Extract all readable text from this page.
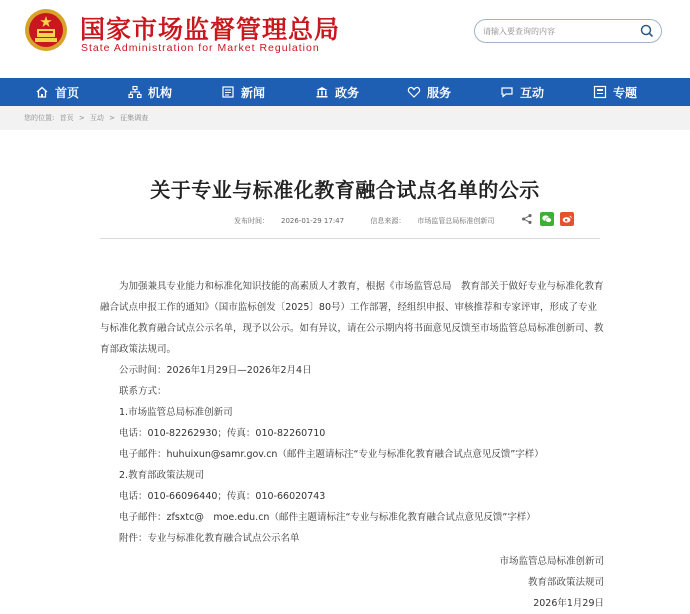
国家市场监督管理总局
State Administration for Market Regulation
请输入要查询的内容
首页	机构	新闻	政务	服务	互动	专题
您的位置: 首页 > 互动 > 征集调查
关于专业与标准化教育融合试点名单的公示
发布时间： 2026-01-29 17:47	信息来源： 市场监管总局标准创新司

为加强兼具专业能力和标准化知识技能的高素质人才教育，根据《市场监管总局　教育部关于做好专业与标准化教育融合试点申报工作的通知》（国市监标创发〔2025〕80号）工作部署，经组织申报、审核推荐和专家评审，形成了专业与标准化教育融合试点公示名单，现予以公示。如有异议，请在公示期内将书面意见反馈至市场监管总局标准创新司、教育部政策法规司。

公示时间：2026年1月29日—2026年2月4日

联系方式：

1.市场监管总局标准创新司

电话：010-82262930；传真：010-82260710

电子邮件：huhuixun@samr.gov.cn（邮件主题请标注“专业与标准化教育融合试点意见反馈”字样）

2.教育部政策法规司

电话：010-66096440；传真：010-66020743

电子邮件：zfsxtc@　moe.edu.cn（邮件主题请标注“专业与标准化教育融合试点意见反馈”字样）

附件：专业与标准化教育融合试点公示名单

市场监管总局标准创新司

教育部政策法规司

2026年1月29日
